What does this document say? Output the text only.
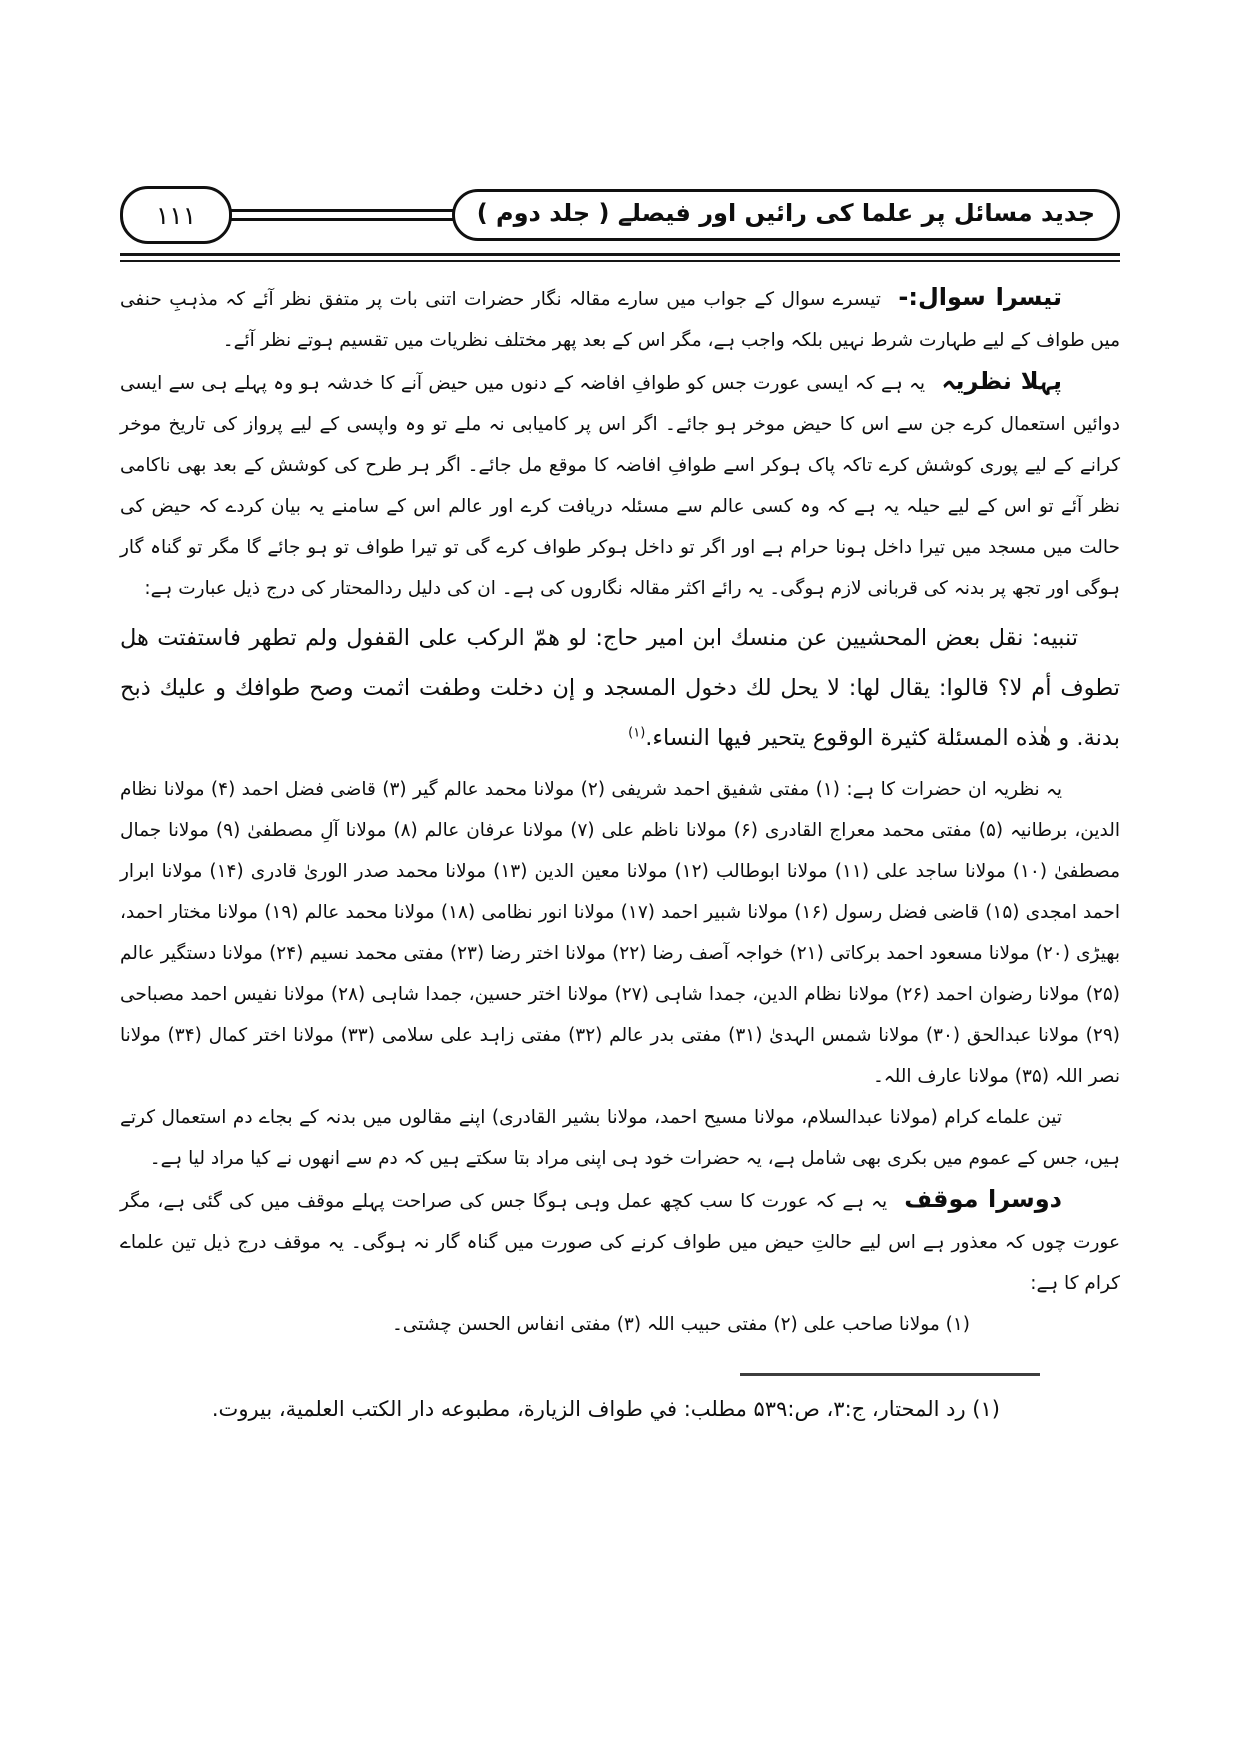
جدید مسائل پر علما کی رائیں اور فیصلے ( جلد دوم )
۱۱۱

تیسرا سوال:- تیسرے سوال کے جواب میں سارے مقالہ نگار حضرات اتنی بات پر متفق نظر آئے کہ مذہبِ حنفی میں طواف کے لیے طہارت شرط نہیں بلکہ واجب ہے، مگر اس کے بعد پھر مختلف نظریات میں تقسیم ہوتے نظر آئے۔

پہلا نظریہ یہ ہے کہ ایسی عورت جس کو طوافِ افاضہ کے دنوں میں حیض آنے کا خدشہ ہو وہ پہلے ہی سے ایسی دوائیں استعمال کرے جن سے اس کا حیض موخر ہو جائے۔ اگر اس پر کامیابی نہ ملے تو وہ واپسی کے لیے پرواز کی تاریخ موخر کرانے کے لیے پوری کوشش کرے تاکہ پاک ہوکر اسے طوافِ افاضہ کا موقع مل جائے۔ اگر ہر طرح کی کوشش کے بعد بھی ناکامی نظر آئے تو اس کے لیے حیلہ یہ ہے کہ وہ کسی عالم سے مسئلہ دریافت کرے اور عالم اس کے سامنے یہ بیان کردے کہ حیض کی حالت میں مسجد میں تیرا داخل ہونا حرام ہے اور اگر تو داخل ہوکر طواف کرے گی تو تیرا طواف تو ہو جائے گا مگر تو گناہ گار ہوگی اور تجھ پر بدنہ کی قربانی لازم ہوگی۔ یہ رائے اکثر مقالہ نگاروں کی ہے۔ ان کی دلیل ردالمحتار کی درج ذیل عبارت ہے:

تنبیه: نقل بعض المحشیین عن منسك ابن امیر حاج: لو همّ الرکب علی القفول ولم تطهر فاستفتت هل تطوف أم لا؟ قالوا: یقال لها: لا یحل لك دخول المسجد و إن دخلت وطفت اثمت وصح طوافك و علیك ذبح بدنة. و هٰذه المسئلة کثیرة الوقوع یتحیر فیها النساء.$^{(۱)}$

یہ نظریہ ان حضرات کا ہے: (۱) مفتی شفیق احمد شریفی (۲) مولانا محمد عالم گیر (۳) قاضی فضل احمد (۴) مولانا نظام الدین، برطانیہ (۵) مفتی محمد معراج القادری (۶) مولانا ناظم علی (۷) مولانا عرفان عالم (۸) مولانا آلِ مصطفیٰ (۹) مولانا جمال مصطفیٰ (۱۰) مولانا ساجد علی (۱۱) مولانا ابوطالب (۱۲) مولانا معین الدین (۱۳) مولانا محمد صدر الوریٰ قادری (۱۴) مولانا ابرار احمد امجدی (۱۵) قاضی فضل رسول (۱۶) مولانا شبیر احمد (۱۷) مولانا انور نظامی (۱۸) مولانا محمد عالم (۱۹) مولانا مختار احمد، بھیڑی (۲۰) مولانا مسعود احمد برکاتی (۲۱) خواجہ آصف رضا (۲۲) مولانا اختر رضا (۲۳) مفتی محمد نسیم (۲۴) مولانا دستگیر عالم (۲۵) مولانا رضوان احمد (۲۶) مولانا نظام الدین، جمدا شاہی (۲۷) مولانا اختر حسین، جمدا شاہی (۲۸) مولانا نفیس احمد مصباحی (۲۹) مولانا عبدالحق (۳۰) مولانا شمس الہدیٰ (۳۱) مفتی بدر عالم (۳۲) مفتی زاہد علی سلامی (۳۳) مولانا اختر کمال (۳۴) مولانا نصر اللہ (۳۵) مولانا عارف اللہ۔

تین علماے کرام (مولانا عبدالسلام، مولانا مسیح احمد، مولانا بشیر القادری) اپنے مقالوں میں بدنہ کے بجاے دم استعمال کرتے ہیں، جس کے عموم میں بکری بھی شامل ہے، یہ حضرات خود ہی اپنی مراد بتا سکتے ہیں کہ دم سے انھوں نے کیا مراد لیا ہے۔

دوسرا موقف یہ ہے کہ عورت کا سب کچھ عمل وہی ہوگا جس کی صراحت پہلے موقف میں کی گئی ہے، مگر عورت چوں کہ معذور ہے اس لیے حالتِ حیض میں طواف کرنے کی صورت میں گناہ گار نہ ہوگی۔ یہ موقف درج ذیل تین علماے کرام کا ہے:

(۱) مولانا صاحب علی (۲) مفتی حبیب اللہ (۳) مفتی انفاس الحسن چشتی۔

(۱) رد المحتار، ج:۳، ص:۵۳۹ مطلب: في طواف الزیارة، مطبوعه دار الكتب العلمیة، بیروت.
